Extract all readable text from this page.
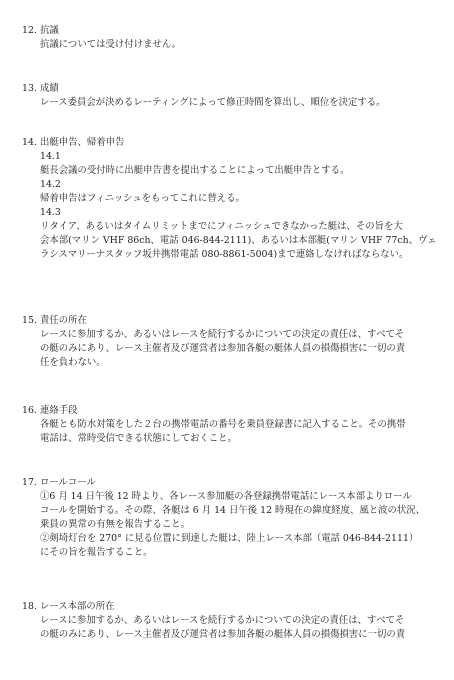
12. 抗議
抗議については受け付けません。
13. 成績
レース委員会が決めるレーティングによって修正時間を算出し、順位を決定する。
14. 出艇申告、帰着申告
14.1
艇長会議の受付時に出艇申告書を提出することによって出艇申告とする。
14.2
帰着申告はフィニッシュをもってこれに替える。
14.3
リタイア、あるいはタイムリミットまでにフィニッシュできなかった艇は、その旨を大
会本部(マリン VHF 86ch、電話 046-844-2111)、あるいは本部艇(マリン VHF 77ch、ヴェ
ラシスマリーナスタッフ坂井携帯電話 080-8861-5004)まで連絡しなければならない。
15. 責任の所在
レースに参加するか、あるいはレースを続行するかについての決定の責任は、すべてそ
の艇のみにあり、レース主催者及び運営者は参加各艇の艇体人員の損傷損害に一切の責
任を負わない。
16. 連絡手段
各艇とも防水対策をした２台の携帯電話の番号を乗員登録書に記入すること。その携帯
電話は、常時受信できる状態にしておくこと。
17. ロールコール
①6 月 14 日午後 12 時より、各レース参加艇の各登録携帯電話にレース本部よりロール
コールを開始する。その際、各艇は 6 月 14 日午後 12 時現在の緯度経度、風と波の状況、
乗員の異常の有無を報告すること。
②剣埼灯台を 270° に見る位置に到達した艇は、陸上レース本部（電話 046-844-2111）
にその旨を報告すること。
18. レース本部の所在
レースに参加するか、あるいはレースを続行するかについての決定の責任は、すべてそ
の艇のみにあり、レース主催者及び運営者は参加各艇の艇体人員の損傷損害に一切の責
